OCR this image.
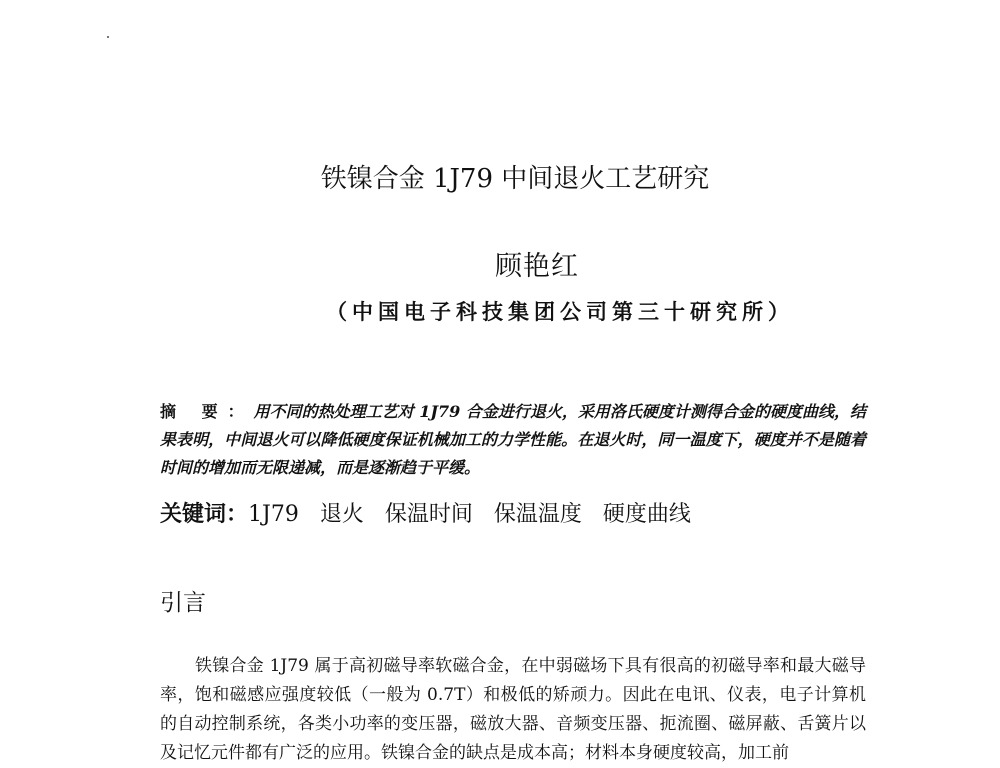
铁镍合金 1J79 中间退火工艺研究

顾艳红

（中国电子科技集团公司第三十研究所）

摘 要：用不同的热处理工艺对 1J79 合金进行退火，采用洛氏硬度计测得合金的硬度曲线，结果表明，中间退火可以降低硬度保证机械加工的力学性能。在退火时，同一温度下，硬度并不是随着时间的增加而无限递减，而是逐渐趋于平缓。

关键词：1J79 退火 保温时间 保温温度 硬度曲线

引言

铁镍合金 1J79 属于高初磁导率软磁合金，在中弱磁场下具有很高的初磁导率和最大磁导率，饱和磁感应强度较低（一般为 0.7T）和极低的矫顽力。因此在电讯、仪表，电子计算机的自动控制系统，各类小功率的变压器，磁放大器、音频变压器、扼流圈、磁屏蔽、舌簧片以及记忆元件都有广泛的应用。铁镍合金的缺点是成本高；材料本身硬度较高，加工前
